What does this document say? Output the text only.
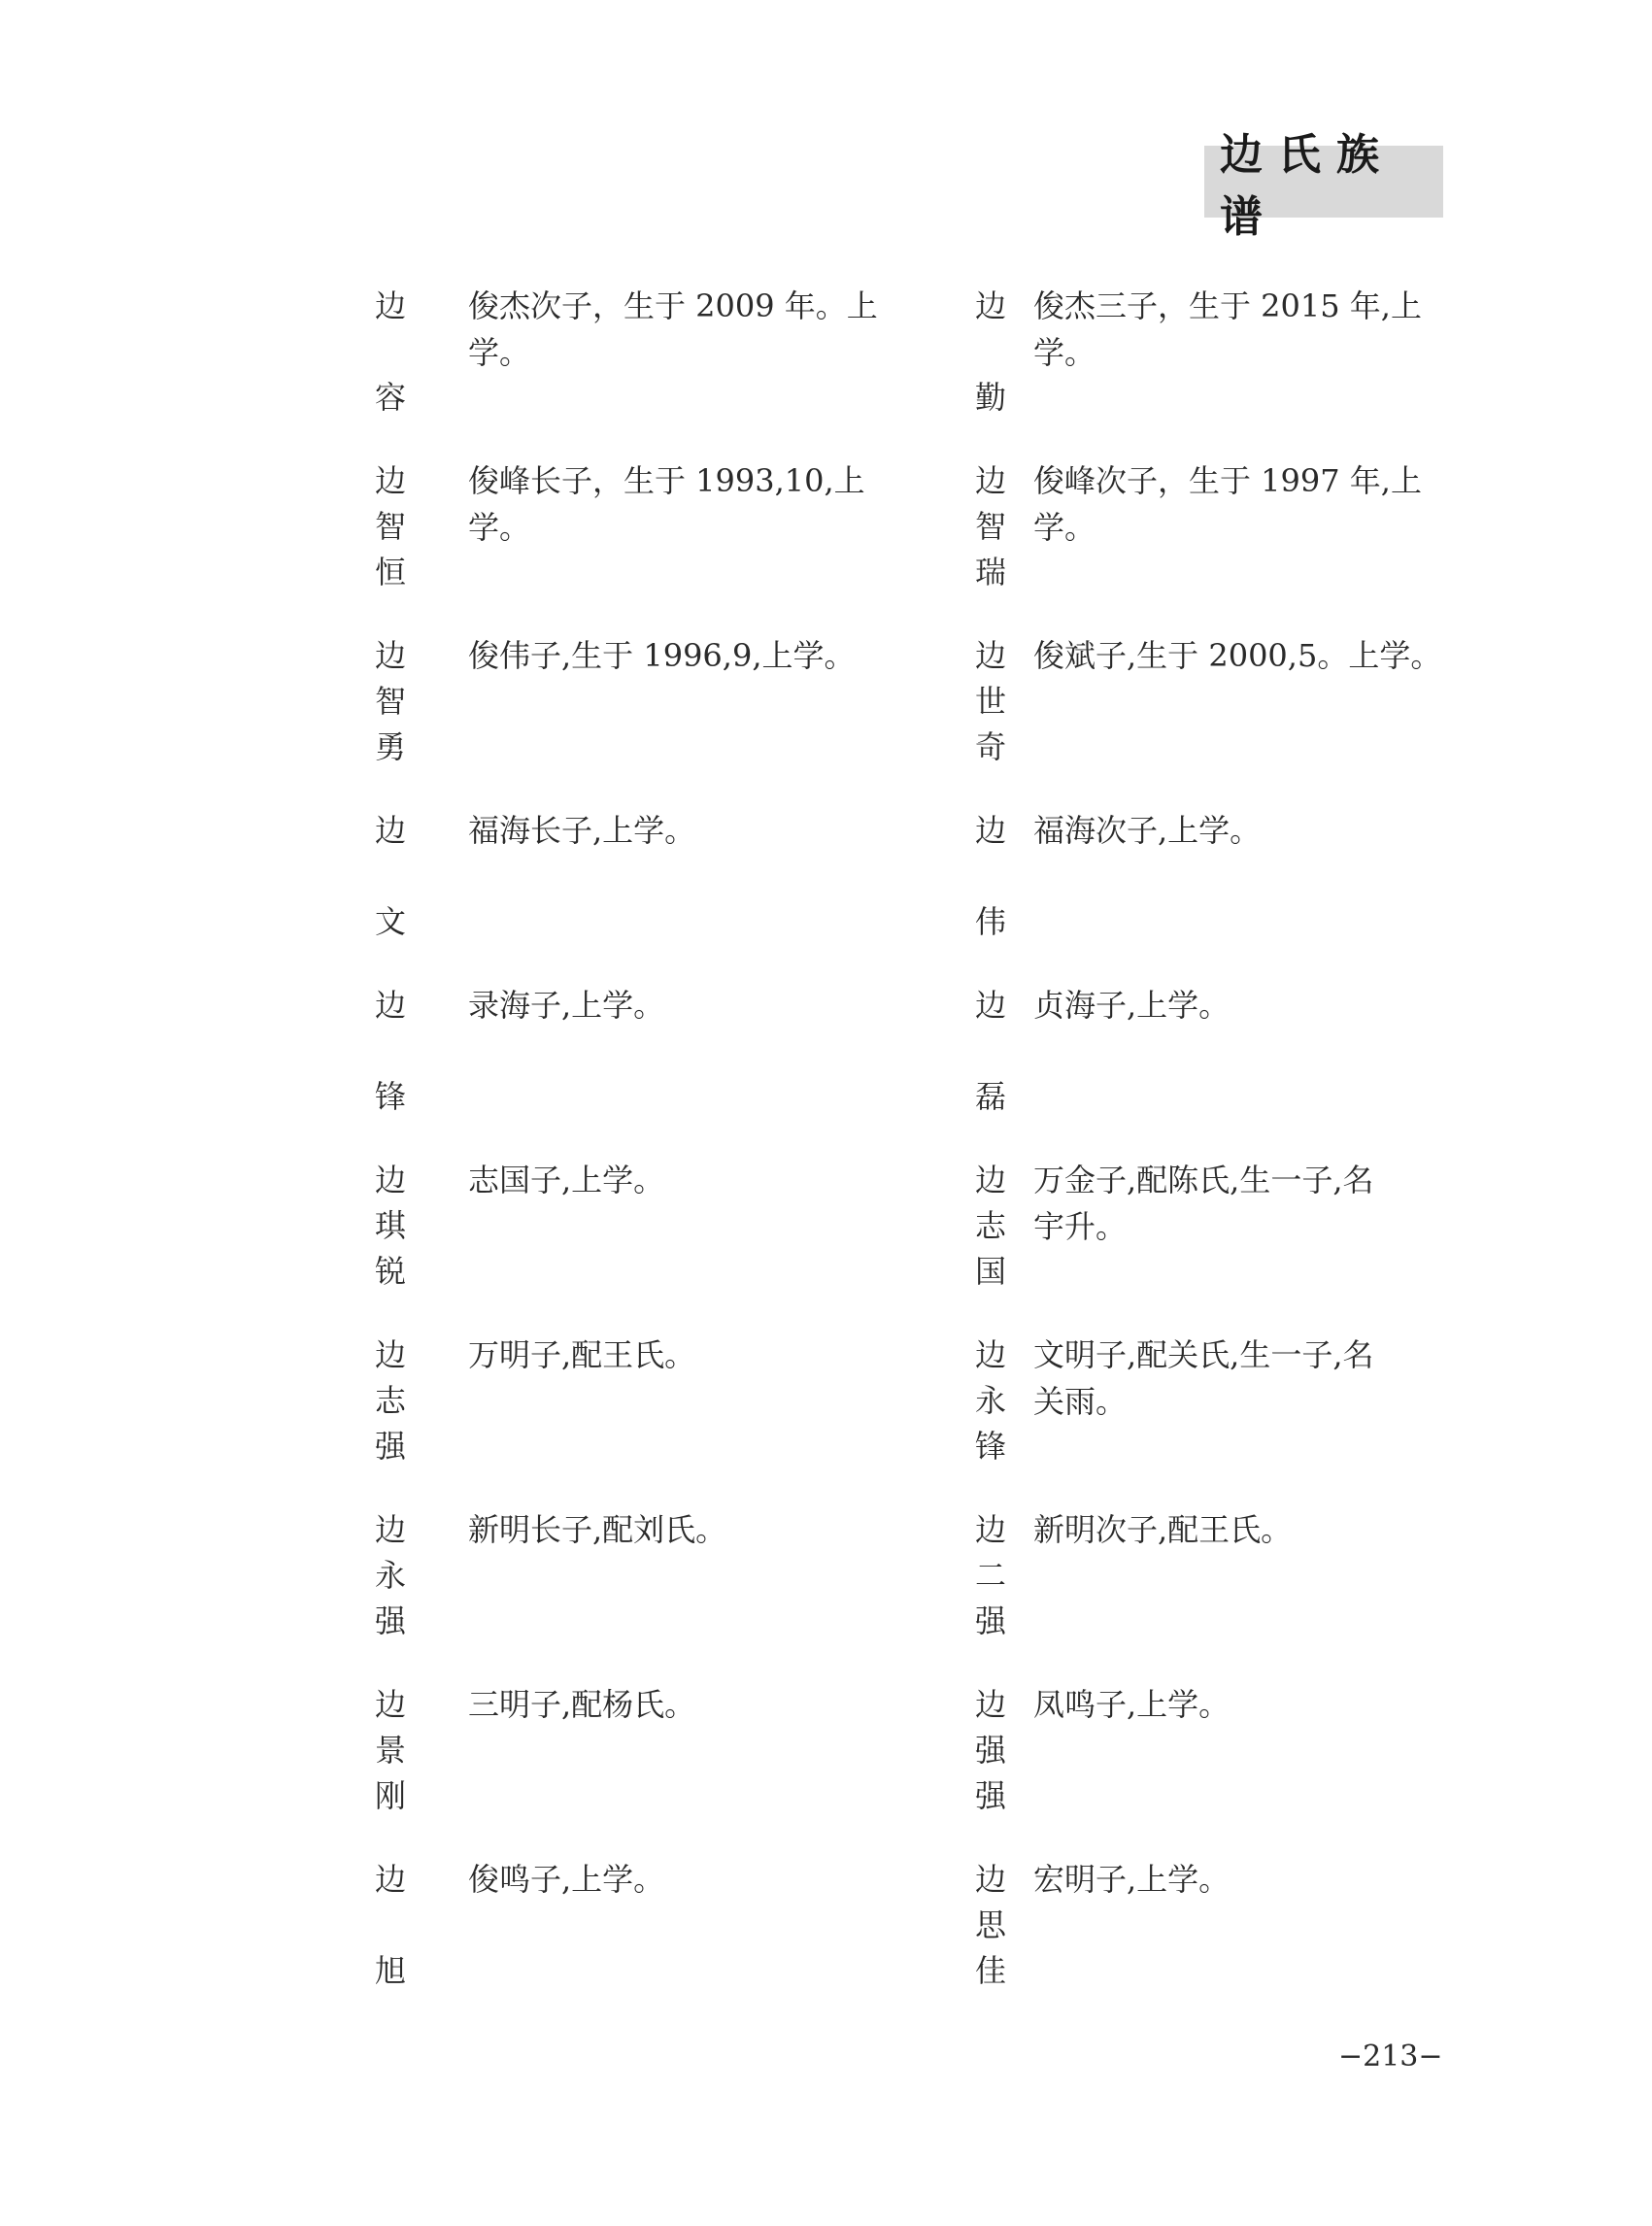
边氏族谱
边
容
俊杰次子，生于 2009 年。上
学。
边
智
恒
俊峰长子，生于 1993,10,上
学。
边
智
勇
俊伟子,生于 1996,9,上学。
边
文
福海长子,上学。
边
锋
录海子,上学。
边
琪
锐
志国子,上学。
边
志
强
万明子,配王氏。
边
永
强
新明长子,配刘氏。
边
景
刚
三明子,配杨氏。
边
旭
俊鸣子,上学。
边
勤
俊杰三子，生于 2015 年,上
学。
边
智
瑞
俊峰次子，生于 1997 年,上
学。
边
世
奇
俊斌子,生于 2000,5。上学。
边
伟
福海次子,上学。
边
磊
贞海子,上学。
边
志
国
万金子,配陈氏,生一子,名
宇升。
边
永
锋
文明子,配关氏,生一子,名
关雨。
边
二
强
新明次子,配王氏。
边
强
强
凤鸣子,上学。
边
思
佳
宏明子,上学。
−213−
